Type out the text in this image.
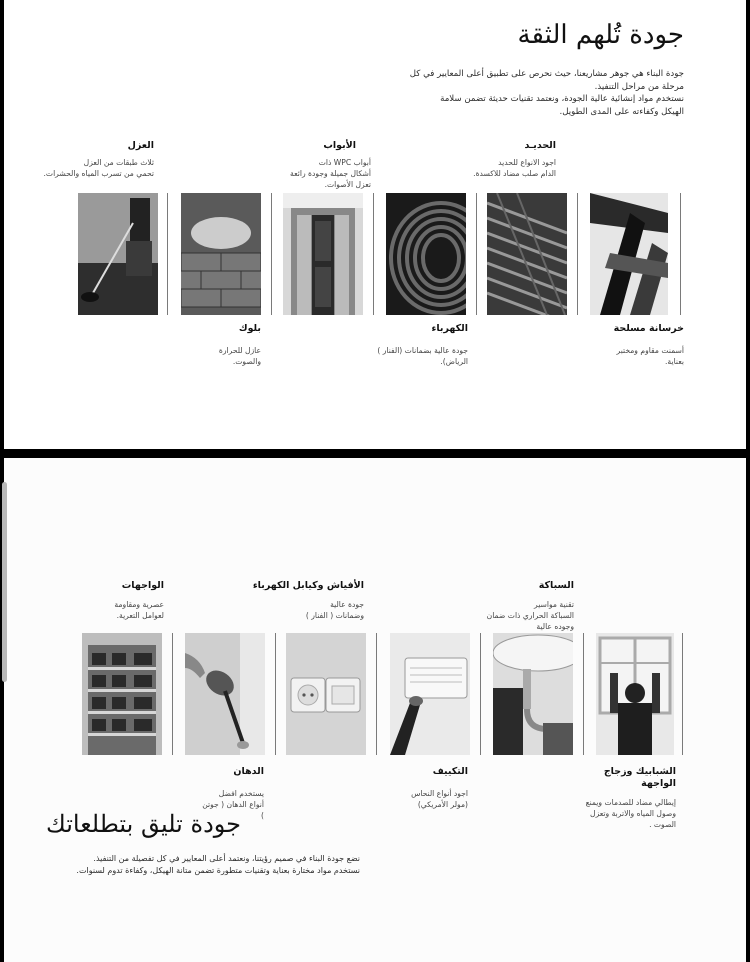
جودة تُلهم الثقة

جودة البناء هي جوهر مشاريعنا، حيث نحرص على تطبيق أعلى المعايير في كل

مرحلة من مراحل التنفيذ.

نستخدم مواد إنشائية عالية الجودة، ونعتمد تقنيات حديثة تضمن سلامة

الهيكل وكفاءته على المدى الطويل.

الحديـد
اجود الانواع للحديد
الدام صلب مضاد للاكسدة.
الأبواب
أبواب WPC ذات
أشكال جميلة وجودة رائعة
تعزل الأصوات.
العزل
ثلاث طبقات من العزل
تحمي من تسرب المياه والحشرات.
خرسانة مسلحة
أسمنت مقاوم ومختبر
بعناية.
الكهرباء
جودة عالية بضمانات (الفنار )
الرياض).
بلوك
عازل للحرارة
والصوت.
السباكة
تقنية مواسير
السباكة الحراري ذات ضمان
وجوده عالية
الأفياش وكيابل الكهرباء
جودة عالية
وضمانات ( الفنار )
الواجهات
عصرية ومقاومة
لعوامل التعرية.
الشبابيك وزجاج
الواجهة
إيطالي مضاد للصدمات ويمنع
وصول المياه والاتربة وتعزل
الصوت .
التكييف
اجود أنواع النحاس
(مولر الأمريكي)
الدهان
يستخدم افضل
أنواع الدهان ( جوتن
)
جودة تليق بتطلعاتك

نضع جودة البناء في صميم رؤيتنا، ونعتمد أعلى المعايير في كل تفصيلة من التنفيذ.

نستخدم مواد مختارة بعناية وتقنيات متطورة تضمن متانة الهيكل، وكفاءة تدوم لسنوات.
